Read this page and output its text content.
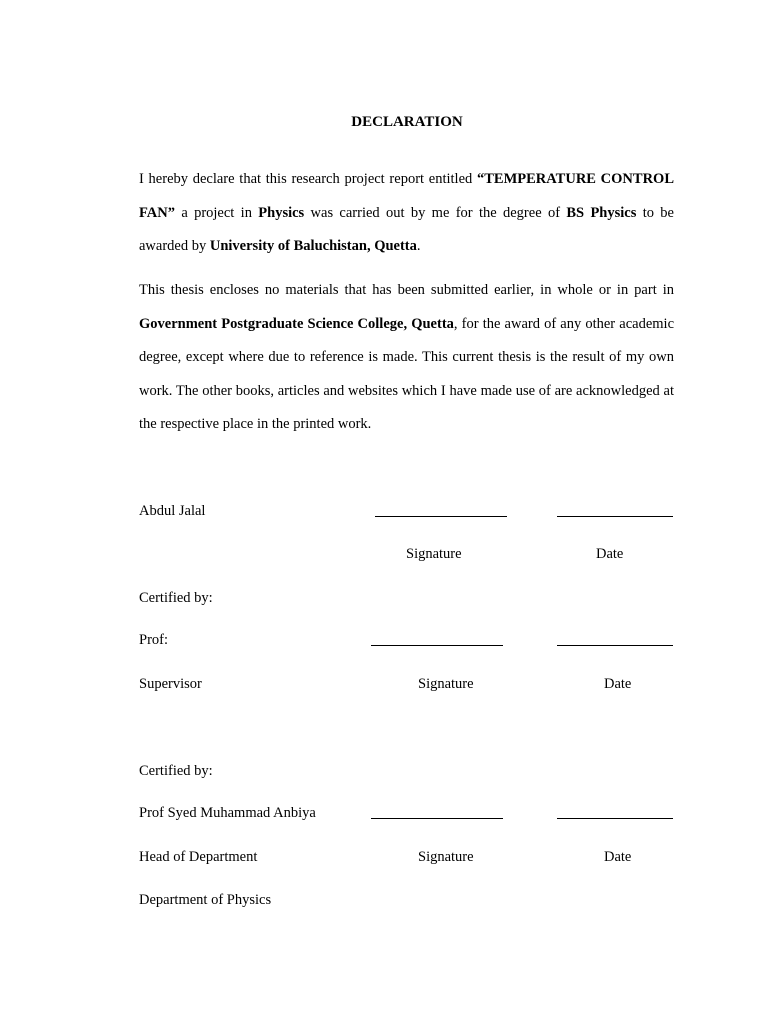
DECLARATION

I hereby declare that this research project report entitled “TEMPERATURE CONTROL FAN” a project in Physics was carried out by me for the degree of BS Physics to be awarded by University of Baluchistan, Quetta.

This thesis encloses no materials that has been submitted earlier, in whole or in part in Government Postgraduate Science College, Quetta, for the award of any other academic degree, except where due to reference is made. This current thesis is the result of my own work. The other books, articles and websites which I have made use of are acknowledged at the respective place in the printed work.

Abdul Jalal
Signature	Date
Certified by:
Prof:
Supervisor	Signature	Date
Certified by:
Prof Syed Muhammad Anbiya
Head of Department	Signature	Date
Department of Physics
